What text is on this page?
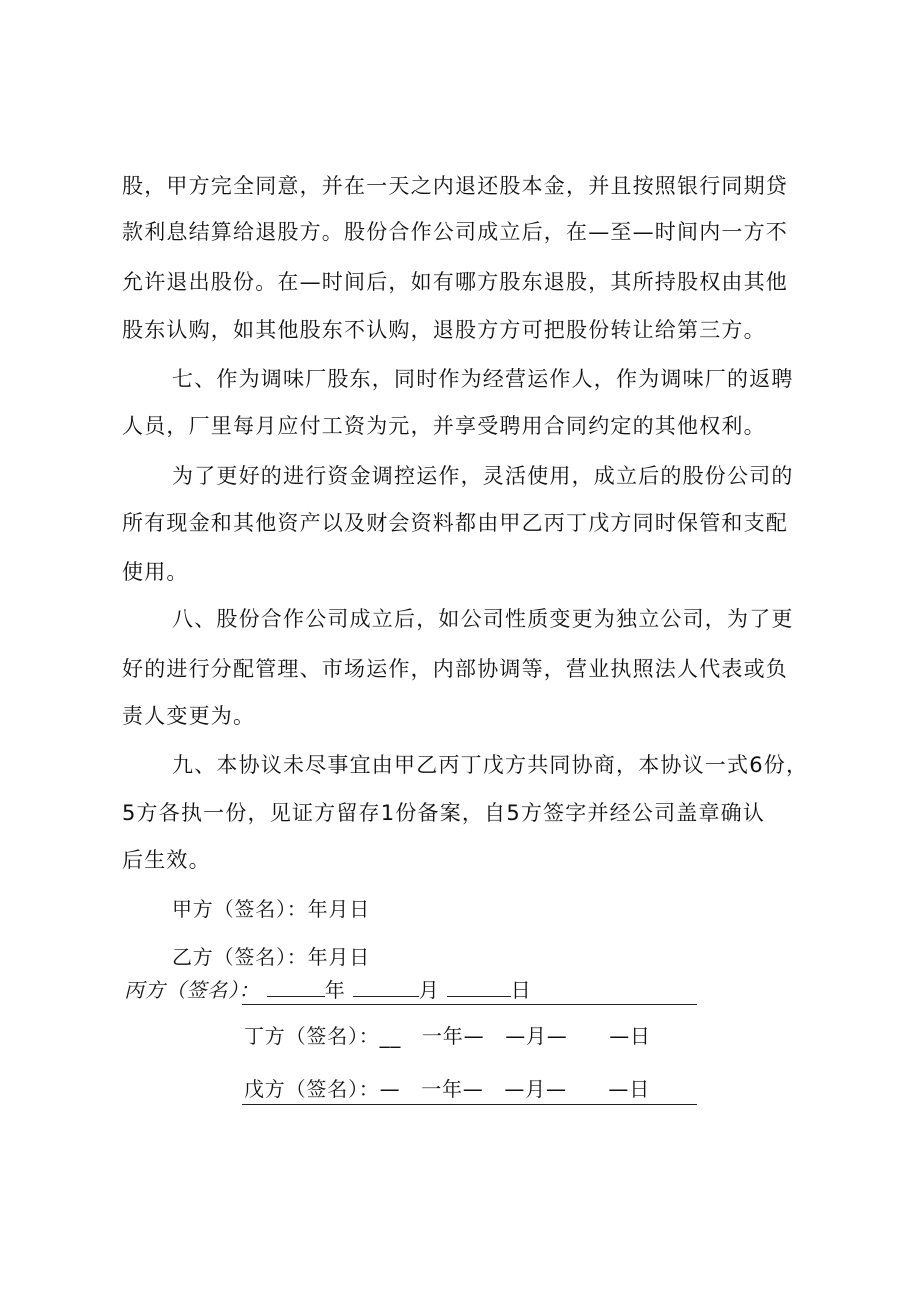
股，甲方完全同意，并在一天之内退还股本金，并且按照银行同期贷
款利息结算给退股方。股份合作公司成立后，在—至—时间内一方不
允许退出股份。在—时间后，如有哪方股东退股，其所持股权由其他
股东认购，如其他股东不认购，退股方方可把股份转让给第三方。
七、作为调味厂股东，同时作为经营运作人，作为调味厂的返聘
人员，厂里每月应付工资为元，并享受聘用合同约定的其他权利。
为了更好的进行资金调控运作，灵活使用，成立后的股份公司的
所有现金和其他资产以及财会资料都由甲乙丙丁戊方同时保管和支配
使用。
八、股份合作公司成立后，如公司性质变更为独立公司，为了更
好的进行分配管理、市场运作，内部协调等，营业执照法人代表或负
责人变更为。
九、本协议未尽事宜由甲乙丙丁戊方共同协商，本协议一式6份，
5方各执一份，见证方留存1份备案，自5方签字并经公司盖章确认
后生效。
甲方（签名）：年月日
乙方（签名）：年月日
丙方（签名）：	年	月	日
丁方（签名）：__　一年—　—月—　　—日
戊方（签名）：—　一年—　—月—　　—日
